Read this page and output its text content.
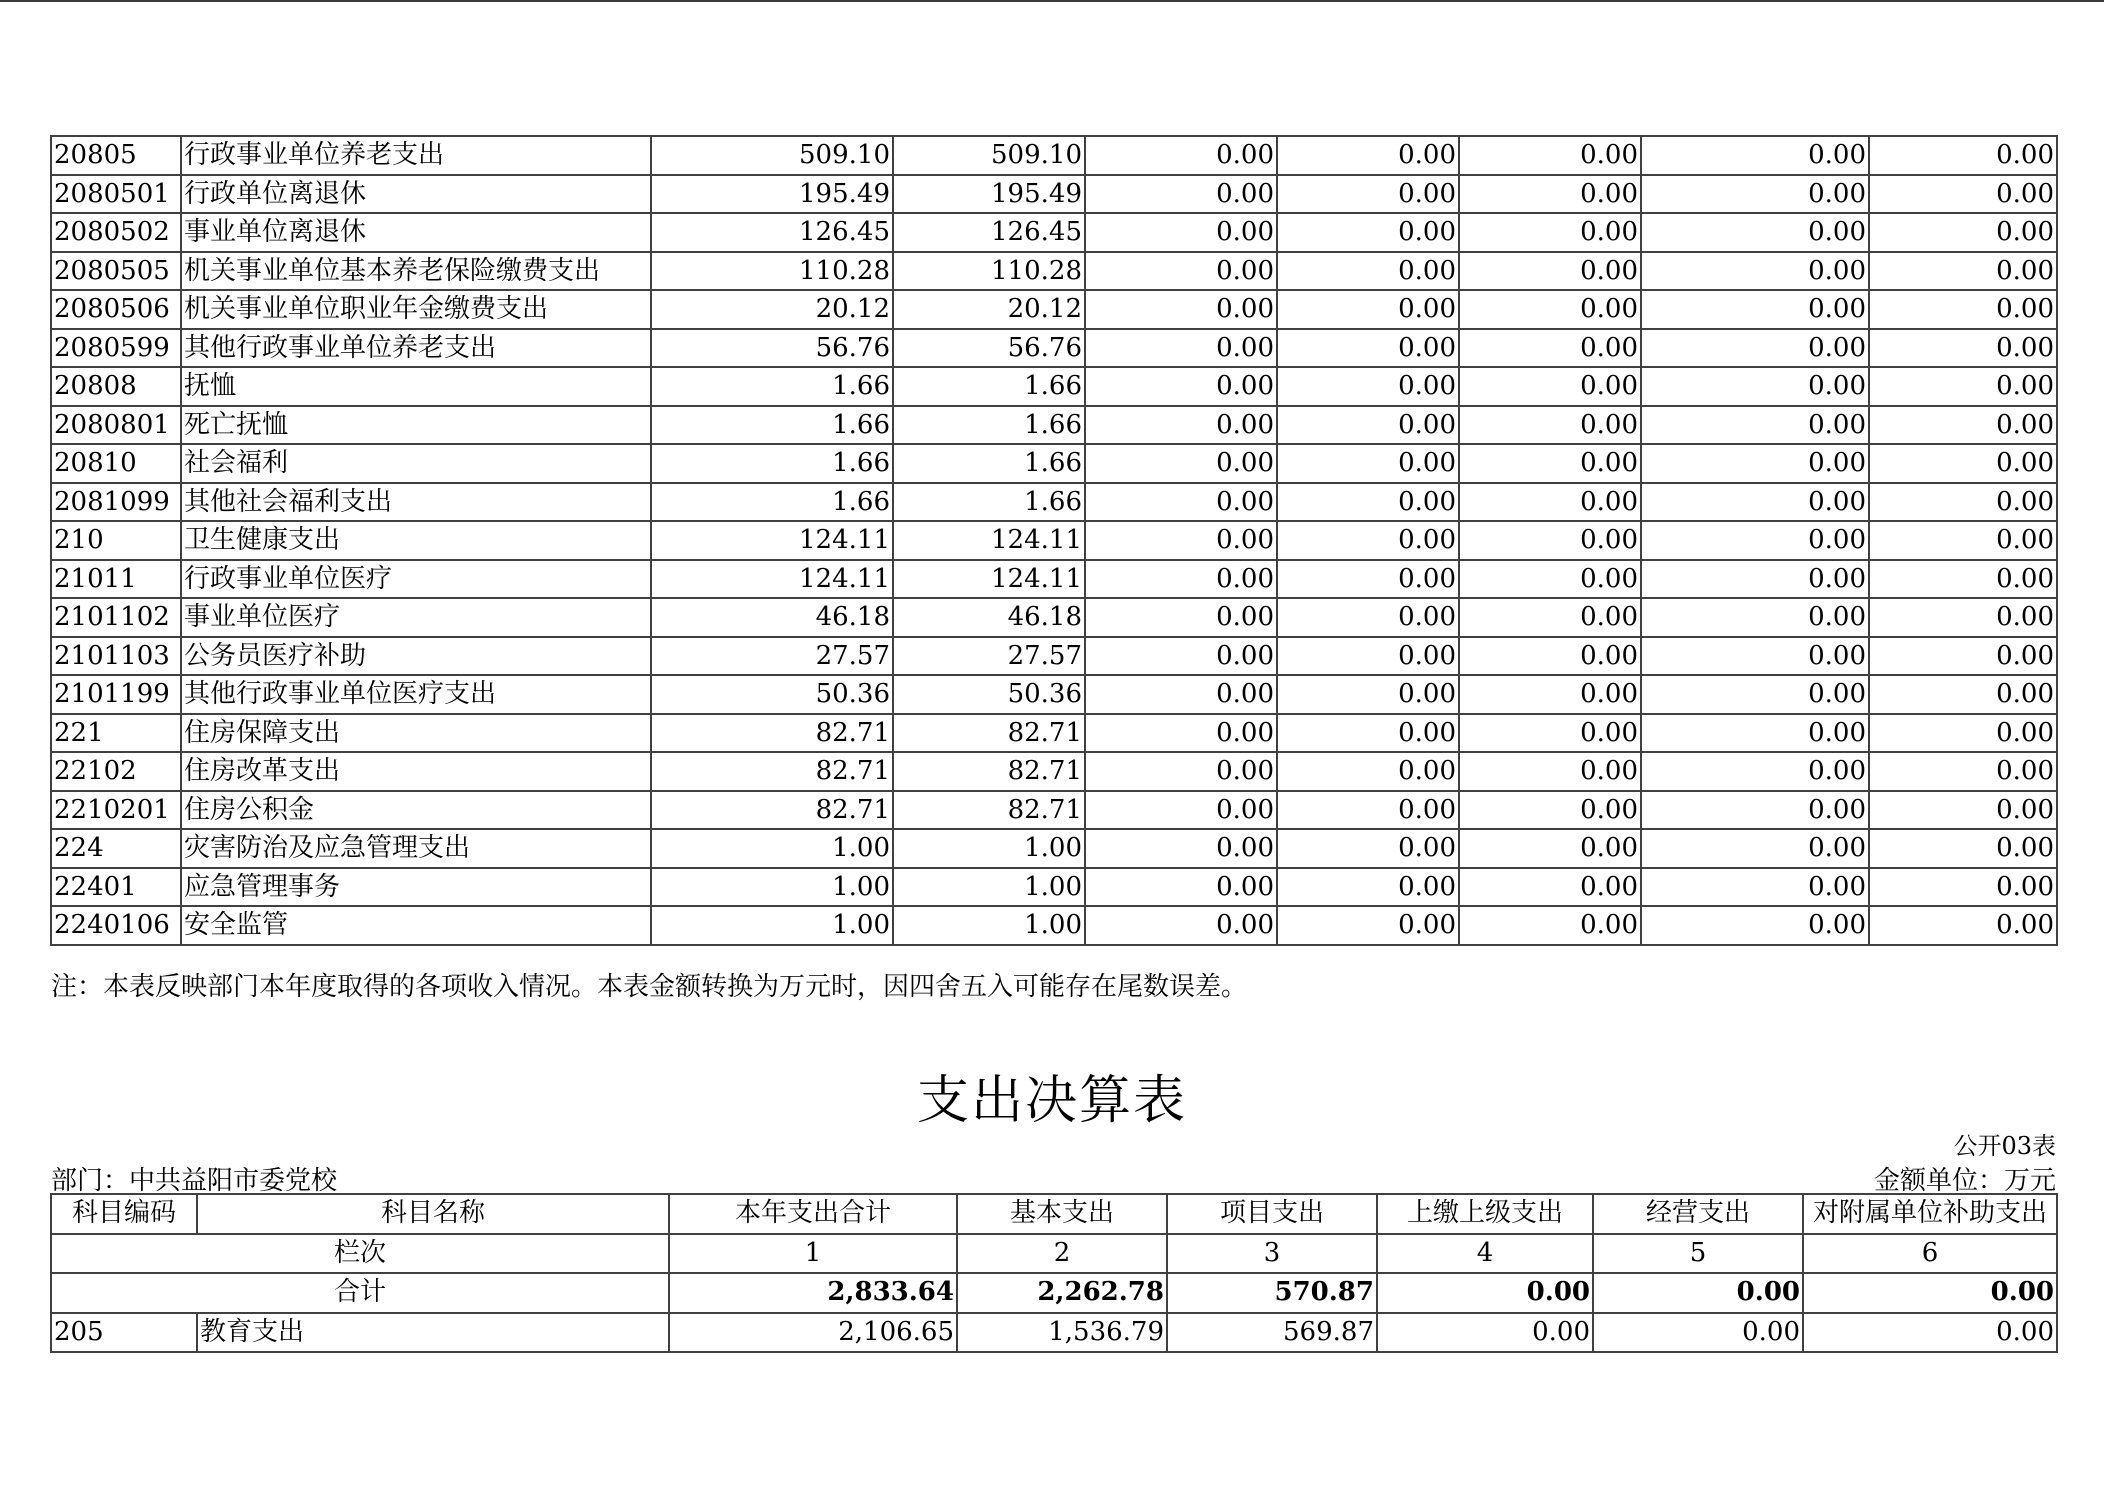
20805	行政事业单位养老支出	509.10	509.10	0.00	0.00	0.00	0.00	0.00
2080501	行政单位离退休	195.49	195.49	0.00	0.00	0.00	0.00	0.00
2080502	事业单位离退休	126.45	126.45	0.00	0.00	0.00	0.00	0.00
2080505	机关事业单位基本养老保险缴费支出	110.28	110.28	0.00	0.00	0.00	0.00	0.00
2080506	机关事业单位职业年金缴费支出	20.12	20.12	0.00	0.00	0.00	0.00	0.00
2080599	其他行政事业单位养老支出	56.76	56.76	0.00	0.00	0.00	0.00	0.00
20808	抚恤	1.66	1.66	0.00	0.00	0.00	0.00	0.00
2080801	死亡抚恤	1.66	1.66	0.00	0.00	0.00	0.00	0.00
20810	社会福利	1.66	1.66	0.00	0.00	0.00	0.00	0.00
2081099	其他社会福利支出	1.66	1.66	0.00	0.00	0.00	0.00	0.00
210	卫生健康支出	124.11	124.11	0.00	0.00	0.00	0.00	0.00
21011	行政事业单位医疗	124.11	124.11	0.00	0.00	0.00	0.00	0.00
2101102	事业单位医疗	46.18	46.18	0.00	0.00	0.00	0.00	0.00
2101103	公务员医疗补助	27.57	27.57	0.00	0.00	0.00	0.00	0.00
2101199	其他行政事业单位医疗支出	50.36	50.36	0.00	0.00	0.00	0.00	0.00
221	住房保障支出	82.71	82.71	0.00	0.00	0.00	0.00	0.00
22102	住房改革支出	82.71	82.71	0.00	0.00	0.00	0.00	0.00
2210201	住房公积金	82.71	82.71	0.00	0.00	0.00	0.00	0.00
224	灾害防治及应急管理支出	1.00	1.00	0.00	0.00	0.00	0.00	0.00
22401	应急管理事务	1.00	1.00	0.00	0.00	0.00	0.00	0.00
2240106	安全监管	1.00	1.00	0.00	0.00	0.00	0.00	0.00
注：本表反映部门本年度取得的各项收入情况。本表金额转换为万元时，因四舍五入可能存在尾数误差。
支出决算表
公开03表
部门：中共益阳市委党校	金额单位：万元
科目编码	科目名称	本年支出合计	基本支出	项目支出	上缴上级支出	经营支出	对附属单位补助支出
栏次		1	2	3	4	5	6
合计		2,833.64	2,262.78	570.87	0.00	0.00	0.00
205	教育支出	2,106.65	1,536.79	569.87	0.00	0.00	0.00
